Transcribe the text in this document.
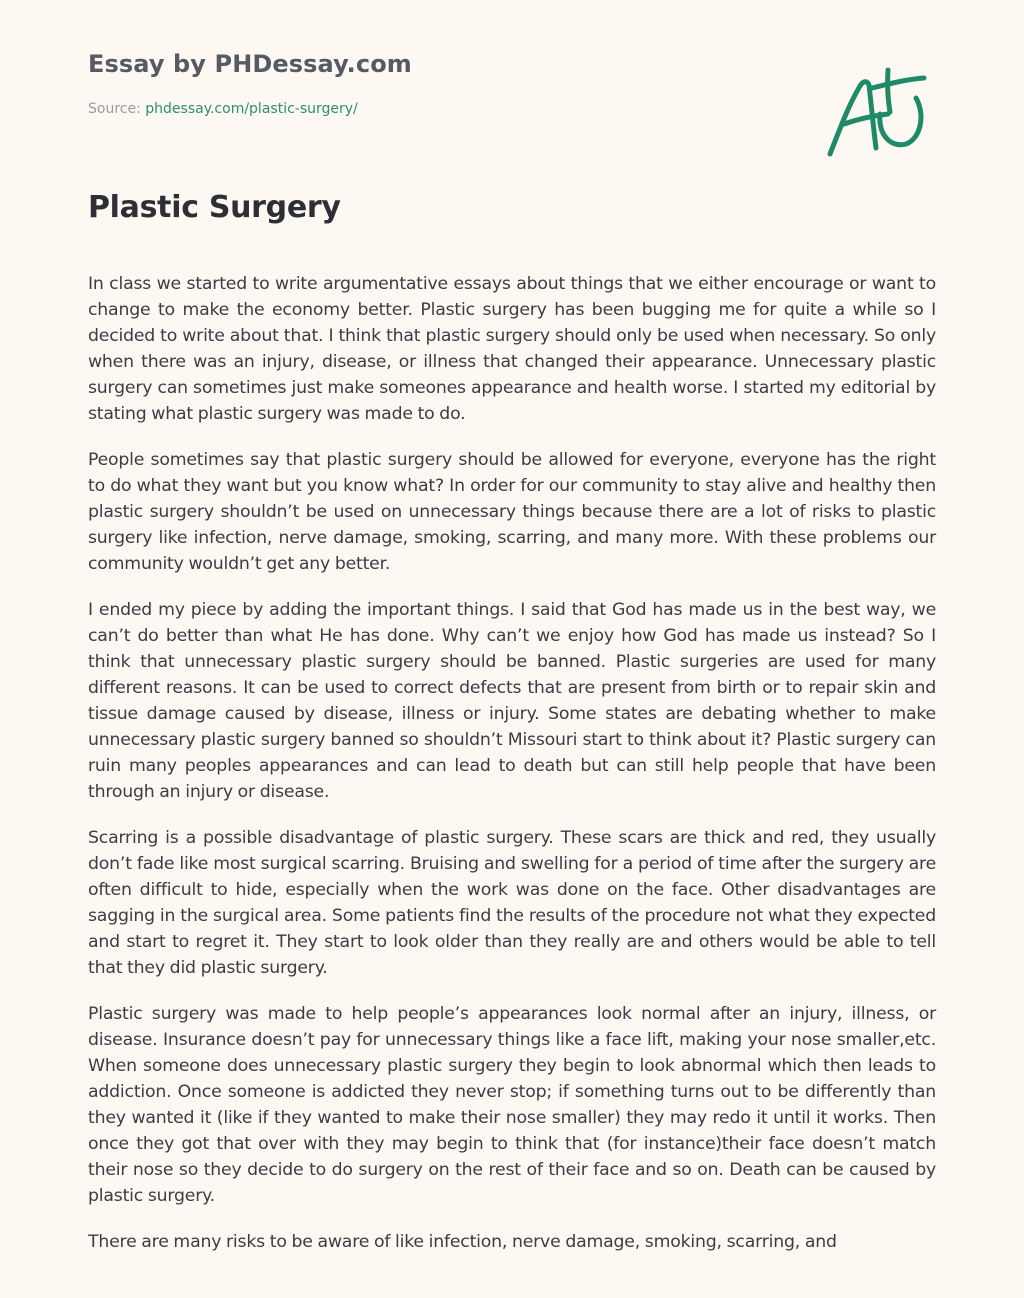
Essay by PHDessay.com
Source: phdessay.com/plastic-surgery/
Plastic Surgery

In class we started to write argumentative essays about things that we either encourage or want to change to make the economy better. Plastic surgery has been bugging me for quite a while so I decided to write about that. I think that plastic surgery should only be used when necessary. So only when there was an injury, disease, or illness that changed their appearance. Unnecessary plastic surgery can sometimes just make someones appearance and health worse. I started my editorial by stating what plastic surgery was made to do.

People sometimes say that plastic surgery should be allowed for everyone, everyone has the right to do what they want but you know what? In order for our community to stay alive and healthy then plastic surgery shouldn’t be used on unnecessary things because there are a lot of risks to plastic surgery like infection, nerve damage, smoking, scarring, and many more. With these problems our community wouldn’t get any better.

I ended my piece by adding the important things. I said that God has made us in the best way, we can’t do better than what He has done. Why can’t we enjoy how God has made us instead? So I think that unnecessary plastic surgery should be banned. Plastic surgeries are used for many different reasons. It can be used to correct defects that are present from birth or to repair skin and tissue damage caused by disease, illness or injury. Some states are debating whether to make unnecessary plastic surgery banned so shouldn’t Missouri start to think about it? Plastic surgery can ruin many peoples appearances and can lead to death but can still help people that have been through an injury or disease.

Scarring is a possible disadvantage of plastic surgery. These scars are thick and red, they usually don’t fade like most surgical scarring. Bruising and swelling for a period of time after the surgery are often difficult to hide, especially when the work was done on the face. Other disadvantages are sagging in the surgical area. Some patients find the results of the procedure not what they expected and start to regret it. They start to look older than they really are and others would be able to tell that they did plastic surgery.

Plastic surgery was made to help people’s appearances look normal after an injury, illness, or disease. Insurance doesn’t pay for unnecessary things like a face lift, making your nose smaller,etc. When someone does unnecessary plastic surgery they begin to look abnormal which then leads to addiction. Once someone is addicted they never stop; if something turns out to be differently than they wanted it (like if they wanted to make their nose smaller) they may redo it until it works. Then once they got that over with they may begin to think that (for instance)their face doesn’t match their nose so they decide to do surgery on the rest of their face and so on. Death can be caused by plastic surgery.

There are many risks to be aware of like infection, nerve damage, smoking, scarring, and
